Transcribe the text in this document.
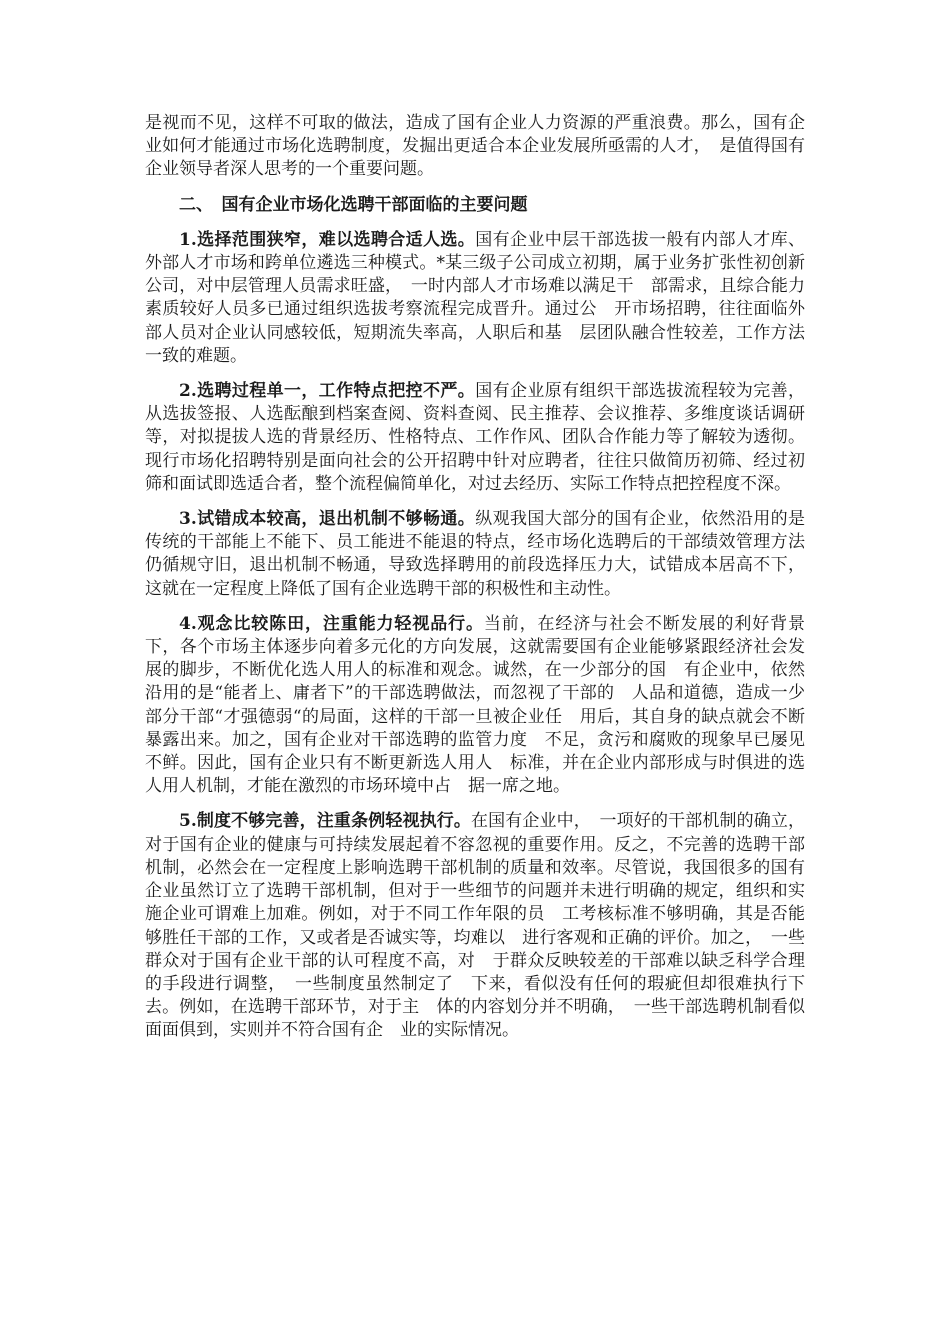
是视而不见，这样不可取的做法，造成了国有企业人力资源的严重浪费。那么，国有企业如何才能通过市场化选聘制度，发掘出更适合本企业发展所亟需的人才，　是值得国有企业领导者深人思考的一个重要问题。

二、　国有企业市场化选聘干部面临的主要问题

1.选择范围狭窄，难以选聘合适人选。国有企业中层干部选拔一般有内部人才库、外部人才市场和跨单位遴选三种模式。*某三级子公司成立初期，属于业务扩张性初创新公司，对中层管理人员需求旺盛，　一时内部人才市场难以满足干　部需求，且综合能力素质较好人员多已通过组织选拔考察流程完成晋升。通过公　开市场招聘，往往面临外部人员对企业认同感较低，短期流失率高，人职后和基　层团队融合性较差，工作方法一致的难题。

2.选聘过程单一，工作特点把控不严。国有企业原有组织干部选拔流程较为完善，从选拔签报、人选酝酿到档案查阅、资料查阅、民主推荐、会议推荐、多维度谈话调研等，对拟提拔人选的背景经历、性格特点、工作作风、团队合作能力等了解较为透彻。现行市场化招聘特别是面向社会的公开招聘中针对应聘者，往往只做简历初筛、经过初筛和面试即选适合者，整个流程偏简单化，对过去经历、实际工作特点把控程度不深。

3.试错成本较高，退出机制不够畅通。纵观我国大部分的国有企业，依然沿用的是传统的干部能上不能下、员工能进不能退的特点，经市场化选聘后的干部绩效管理方法仍循规守旧，退出机制不畅通，导致选择聘用的前段选择压力大，试错成本居高不下，这就在一定程度上降低了国有企业选聘干部的积极性和主动性。

4.观念比较陈田，注重能力轻视品行。当前，在经济与社会不断发展的利好背景下，各个市场主体逐步向着多元化的方向发展，这就需要国有企业能够紧跟经济社会发展的脚步，不断优化选人用人的标准和观念。诚然，在一少部分的国　有企业中，依然沿用的是“能者上、庸者下”的干部选聘做法，而忽视了干部的　人品和道德，造成一少部分干部“才强德弱“的局面，这样的干部一旦被企业任　用后，其自身的缺点就会不断暴露出来。加之，国有企业对干部选聘的监管力度　不足，贪污和腐败的现象早已屡见不鲜。因此，国有企业只有不断更新选人用人　标准，并在企业内部形成与时俱进的选人用人机制，才能在激烈的市场环境中占　据一席之地。

5.制度不够完善，注重条例轻视执行。在国有企业中，　一项好的干部机制的确立，对于国有企业的健康与可持续发展起着不容忽视的重要作用。反之，不完善的选聘干部机制，必然会在一定程度上影响选聘干部机制的质量和效率。尽管说，我国很多的国有企业虽然订立了选聘干部机制，但对于一些细节的问题并未进行明确的规定，组织和实施企业可谓难上加难。例如，对于不同工作年限的员　工考核标准不够明确，其是否能够胜任干部的工作，又或者是否诚实等，均难以　进行客观和正确的评价。加之，　一些群众对于国有企业干部的认可程度不高，对　于群众反映较差的干部难以缺乏科学合理的手段进行调整，　一些制度虽然制定了　下来，看似没有任何的瑕疵但却很难执行下去。例如，在选聘干部环节，对于主　体的内容划分并不明确，　一些干部选聘机制看似面面俱到，实则并不符合国有企　业的实际情况。
